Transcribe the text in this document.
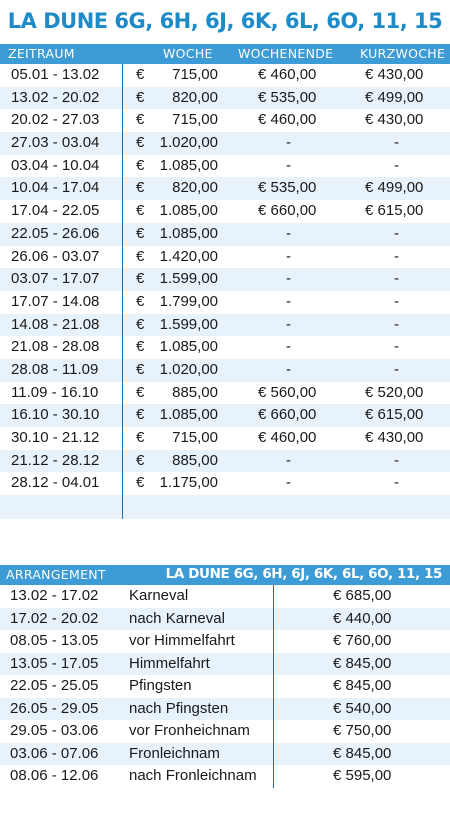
LA DUNE 6G, 6H, 6J, 6K, 6L, 6O, 11, 15
ZEITRAUM	WOCHE WOCHENENDE KURZWOCHE
05.01 - 13.02 € 715,00	€ 460,00	€ 430,00
13.02 - 20.02 € 820,00	€ 535,00	€ 499,00
20.02 - 27.03 € 715,00	€ 460,00	€ 430,00
27.03 - 03.04 € 1.020,00	-	-
03.04 - 10.04 € 1.085,00	-	-
10.04 - 17.04 € 820,00	€ 535,00	€ 499,00
17.04 - 22.05 € 1.085,00	€ 660,00	€ 615,00
22.05 - 26.06 € 1.085,00	-	-
26.06 - 03.07 € 1.420,00	-	-
03.07 - 17.07 € 1.599,00	-	-
17.07 - 14.08 € 1.799,00	-	-
14.08 - 21.08 € 1.599,00	-	-
21.08 - 28.08 € 1.085,00	-	-
28.08 - 11.09	€ 1.020,00	-	-
11.09 - 16.10	€ 885,00	€ 560,00	€ 520,00
16.10 - 30.10 € 1.085,00	€ 660,00	€ 615,00
30.10 - 21.12 € 715,00	€ 460,00	€ 430,00
21.12 - 28.12 € 885,00	-	-
28.12 - 04.01 € 1.175,00	-	-
ARRANGEMENT	LA DUNE 6G, 6H, 6J, 6K, 6L, 6O, 11, 15
13.02 - 17.02 Karneval	€ 685,00
17.02 - 20.02 nach Karneval	€ 440,00
08.05 - 13.05 vor Himmelfahrt	€ 760,00
13.05 - 17.05 Himmelfahrt	€ 845,00
22.05 - 25.05 Pfingsten	€ 845,00
26.05 - 29.05 nach Pfingsten	€ 540,00
29.05 - 03.06 vor Fronheichnam	€ 750,00
03.06 - 07.06 Fronleichnam	€ 845,00
08.06 - 12.06 nach Fronleichnam	€ 595,00
